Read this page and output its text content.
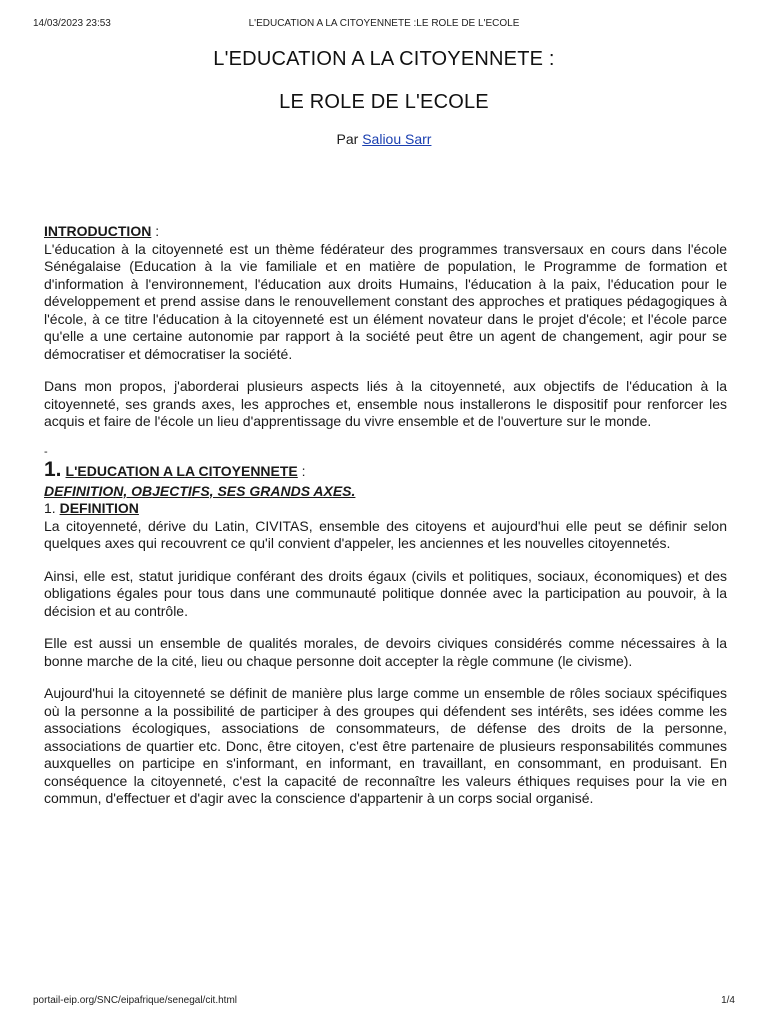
14/03/2023 23:53	L'EDUCATION A LA CITOYENNETE :LE ROLE DE L'ECOLE
L'EDUCATION A LA CITOYENNETE :
LE ROLE DE L'ECOLE
Par Saliou Sarr

INTRODUCTION :

L'éducation à la citoyenneté est un thème fédérateur des programmes transversaux en cours dans l'école Sénégalaise (Education à la vie familiale et en matière de population, le Programme de formation et d'information à l'environnement, l'éducation aux droits Humains, l'éducation à la paix, l'éducation pour le développement et prend assise dans le renouvellement constant des approches et pratiques pédagogiques à l'école, à ce titre l'éducation à la citoyenneté est un élément novateur dans le projet d'école; et l'école parce qu'elle a une certaine autonomie par rapport à la société peut être un agent de changement, agir pour se démocratiser et démocratiser la société.

Dans mon propos, j'aborderai plusieurs aspects liés à la citoyenneté, aux objectifs de l'éducation à la citoyenneté, ses grands axes, les approches et, ensemble nous installerons le dispositif pour renforcer les acquis et faire de l'école un lieu d'apprentissage du vivre ensemble et de l'ouverture sur le monde.

-

1. L'EDUCATION A LA CITOYENNETE :

DEFINITION, OBJECTIFS, SES GRANDS AXES.

1. DEFINITION

La citoyenneté, dérive du Latin, CIVITAS, ensemble des citoyens et aujourd'hui elle peut se définir selon quelques axes qui recouvrent ce qu'il convient d'appeler, les anciennes et les nouvelles citoyennetés.

Ainsi, elle est, statut juridique conférant des droits égaux (civils et politiques, sociaux, économiques) et des obligations égales pour tous dans une communauté politique donnée avec la participation au pouvoir, à la décision et au contrôle.

Elle est aussi un ensemble de qualités morales, de devoirs civiques considérés comme nécessaires à la bonne marche de la cité, lieu ou chaque personne doit accepter la règle commune (le civisme).

Aujourd'hui la citoyenneté se définit de manière plus large comme un ensemble de rôles sociaux spécifiques où la personne a la possibilité de participer à des groupes qui défendent ses intérêts, ses idées comme les associations écologiques, associations de consommateurs, de défense des droits de la personne, associations de quartier etc. Donc, être citoyen, c'est être partenaire de plusieurs responsabilités communes auxquelles on participe en s'informant, en informant, en travaillant, en consommant, en produisant. En conséquence la citoyenneté, c'est la capacité de reconnaître les valeurs éthiques requises pour la vie en commun, d'effectuer et d'agir avec la conscience d'appartenir à un corps social organisé.

portail-eip.org/SNC/eipafrique/senegal/cit.html	1/4
